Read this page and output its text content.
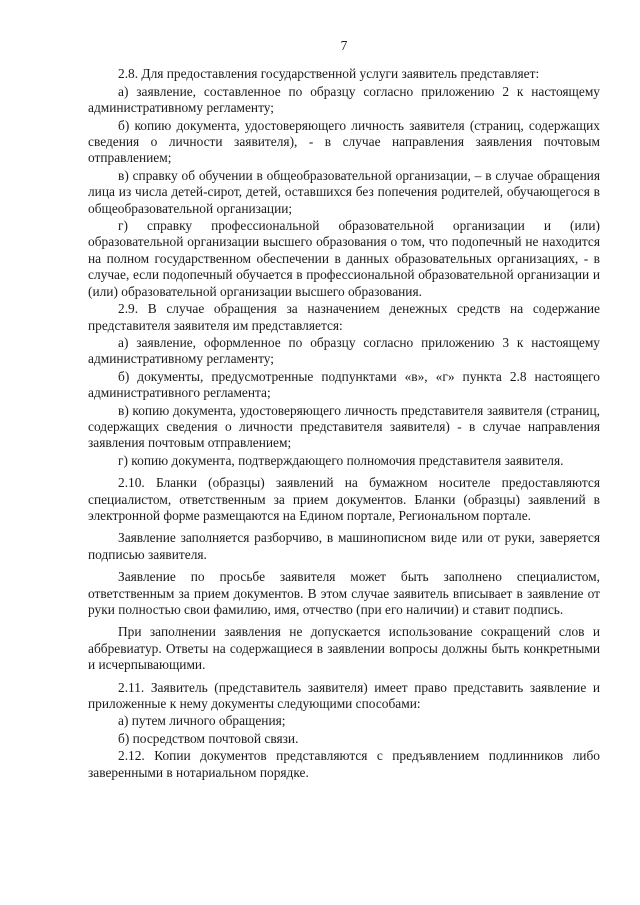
7

2.8. Для предоставления государственной услуги заявитель представляет:

а) заявление, составленное по образцу согласно приложению 2 к настоящему административному регламенту;

б) копию документа, удостоверяющего личность заявителя (страниц, содержащих сведения о личности заявителя), - в случае направления заявления почтовым отправлением;

в) справку об обучении в общеобразовательной организации, – в случае обращения лица из числа детей-сирот, детей, оставшихся без попечения родителей, обучающегося в общеобразовательной организации;

г) справку профессиональной образовательной организации и (или) образовательной организации высшего образования о том, что подопечный не находится на полном государственном обеспечении в данных образовательных организациях, - в случае, если подопечный обучается в профессиональной образовательной организации и (или) образовательной организации высшего образования.

2.9. В случае обращения за назначением денежных средств на содержание представителя заявителя им представляется:

а) заявление, оформленное по образцу согласно приложению 3 к настоящему административному регламенту;

б) документы, предусмотренные подпунктами «в», «г» пункта 2.8 настоящего административного регламента;

в) копию документа, удостоверяющего личность представителя заявителя (страниц, содержащих сведения о личности представителя заявителя) - в случае направления заявления почтовым отправлением;

г) копию документа, подтверждающего полномочия представителя заявителя.

2.10. Бланки (образцы) заявлений на бумажном носителе предоставляются специалистом, ответственным за прием документов. Бланки (образцы) заявлений в электронной форме размещаются на Едином портале, Региональном портале.

Заявление заполняется разборчиво, в машинописном виде или от руки, заверяется подписью заявителя.

Заявление по просьбе заявителя может быть заполнено специалистом, ответственным за прием документов. В этом случае заявитель вписывает в заявление от руки полностью свои фамилию, имя, отчество (при его наличии) и ставит подпись.

При заполнении заявления не допускается использование сокращений слов и аббревиатур. Ответы на содержащиеся в заявлении вопросы должны быть конкретными и исчерпывающими.

2.11. Заявитель (представитель заявителя) имеет право представить заявление и приложенные к нему документы следующими способами:

а) путем личного обращения;

б) посредством почтовой связи.

2.12. Копии документов представляются с предъявлением подлинников либо заверенными в нотариальном порядке.
